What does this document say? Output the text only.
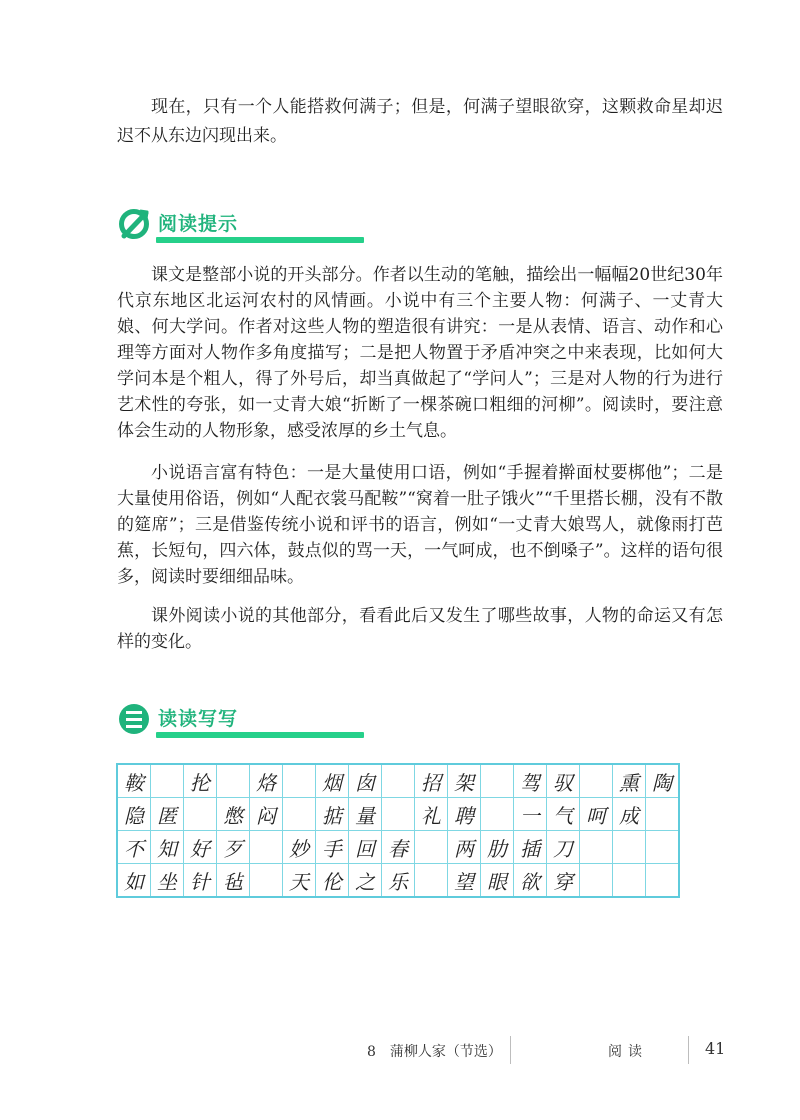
现在，只有一个人能搭救何满子；但是，何满子望眼欲穿，这颗救命星却迟迟不从东边闪现出来。

阅读提示

课文是整部小说的开头部分。作者以生动的笔触，描绘出一幅幅20世纪30年代京东地区北运河农村的风情画。小说中有三个主要人物：何满子、一丈青大娘、何大学问。作者对这些人物的塑造很有讲究：一是从表情、语言、动作和心理等方面对人物作多角度描写；二是把人物置于矛盾冲突之中来表现，比如何大学问本是个粗人，得了外号后，却当真做起了“学问人”；三是对人物的行为进行艺术性的夸张，如一丈青大娘“折断了一棵茶碗口粗细的河柳”。阅读时，要注意体会生动的人物形象，感受浓厚的乡土气息。

小说语言富有特色：一是大量使用口语，例如“手握着擀面杖要梆他”；二是大量使用俗语，例如“人配衣裳马配鞍”“窝着一肚子饿火”“千里搭长棚，没有不散的筵席”；三是借鉴传统小说和评书的语言，例如“一丈青大娘骂人，就像雨打芭蕉，长短句，四六体，鼓点似的骂一天，一气呵成，也不倒嗓子”。这样的语句很多，阅读时要细细品味。

课外阅读小说的其他部分，看看此后又发生了哪些故事，人物的命运又有怎样的变化。

读读写写
鞍		抡		烙		烟	囱		招	架		驾	驭		熏	陶
隐	匿		憋	闷		掂	量		礼	聘		一	气	呵	成	
不	知	好	歹		妙	手	回	春		两	肋	插	刀			
如	坐	针	毡		天	伦	之	乐		望	眼	欲	穿			
8　蒲柳人家（节选）	阅读	41
